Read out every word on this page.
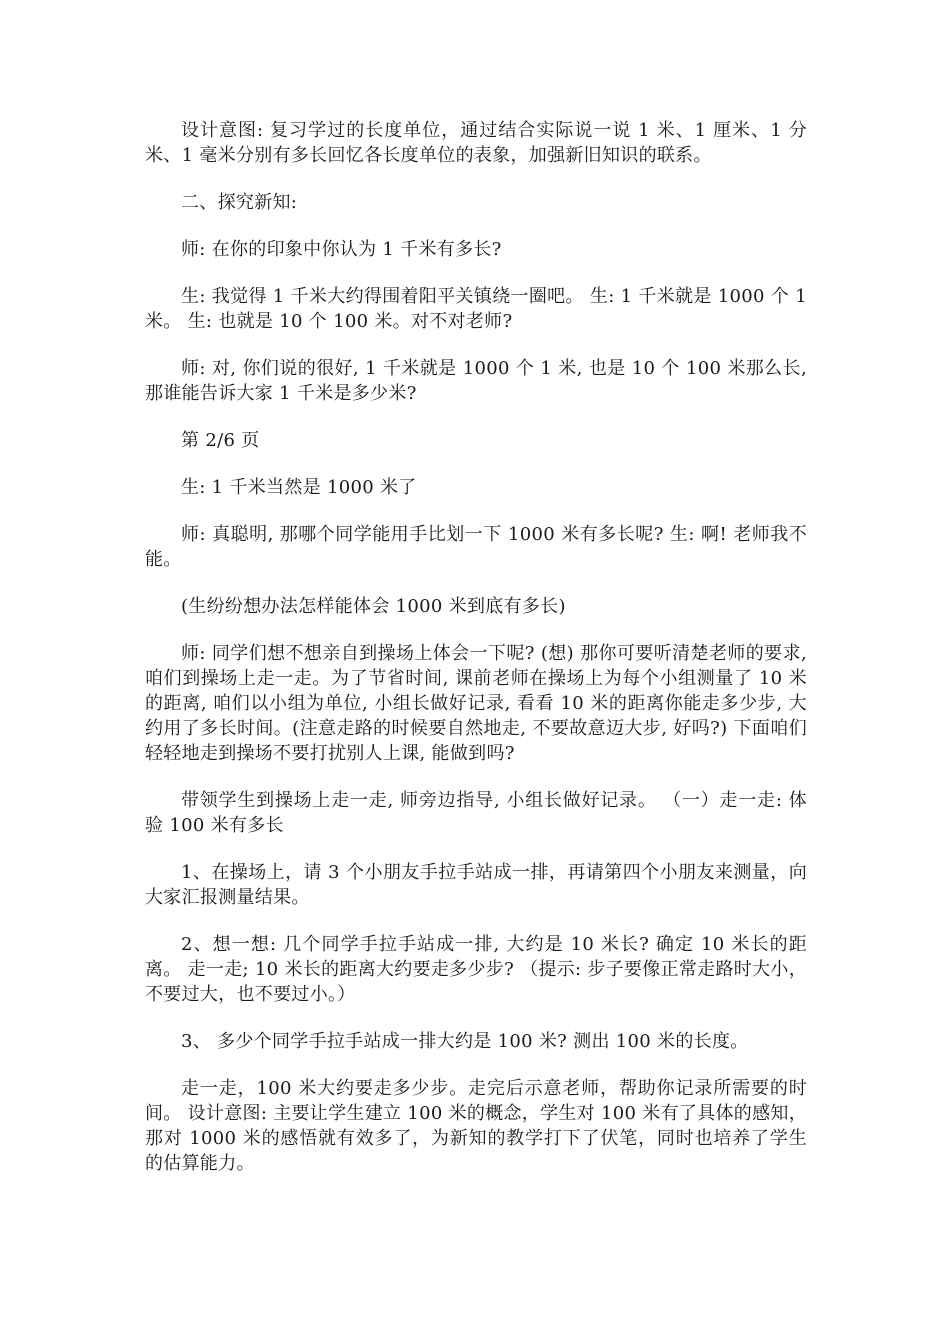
设计意图: 复习学过的长度单位，通过结合实际说一说 1 米、1 厘米、1 分米、1 毫米分别有多长回忆各长度单位的表象，加强新旧知识的联系。

二、探究新知:

师: 在你的印象中你认为 1 千米有多长?

生: 我觉得 1 千米大约得围着阳平关镇绕一圈吧。 生: 1 千米就是 1000 个 1 米。 生: 也就是 10 个 100 米。对不对老师?

师: 对, 你们说的很好, 1 千米就是 1000 个 1 米, 也是 10 个 100 米那么长, 那谁能告诉大家 1 千米是多少米?

第 2/6 页

生: 1 千米当然是 1000 米了

师: 真聪明, 那哪个同学能用手比划一下 1000 米有多长呢? 生: 啊! 老师我不能。

(生纷纷想办法怎样能体会 1000 米到底有多长)

师: 同学们想不想亲自到操场上体会一下呢? (想) 那你可要听清楚老师的要求, 咱们到操场上走一走。为了节省时间, 课前老师在操场上为每个小组测量了 10 米的距离, 咱们以小组为单位, 小组长做好记录, 看看 10 米的距离你能走多少步, 大约用了多长时间。(注意走路的时候要自然地走, 不要故意迈大步, 好吗?) 下面咱们轻轻地走到操场不要打扰别人上课, 能做到吗?

带领学生到操场上走一走, 师旁边指导, 小组长做好记录。 （一）走一走: 体验 100 米有多长

1、在操场上，请 3 个小朋友手拉手站成一排，再请第四个小朋友来测量，向大家汇报测量结果。

2、想一想: 几个同学手拉手站成一排, 大约是 10 米长? 确定 10 米长的距离。 走一走; 10 米长的距离大约要走多少步? （提示: 步子要像正常走路时大小，不要过大，也不要过小。）

3、 多少个同学手拉手站成一排大约是 100 米? 测出 100 米的长度。

走一走，100 米大约要走多少步。走完后示意老师，帮助你记录所需要的时间。 设计意图: 主要让学生建立 100 米的概念，学生对 100 米有了具体的感知，那对 1000 米的感悟就有效多了，为新知的教学打下了伏笔，同时也培养了学生的估算能力。
